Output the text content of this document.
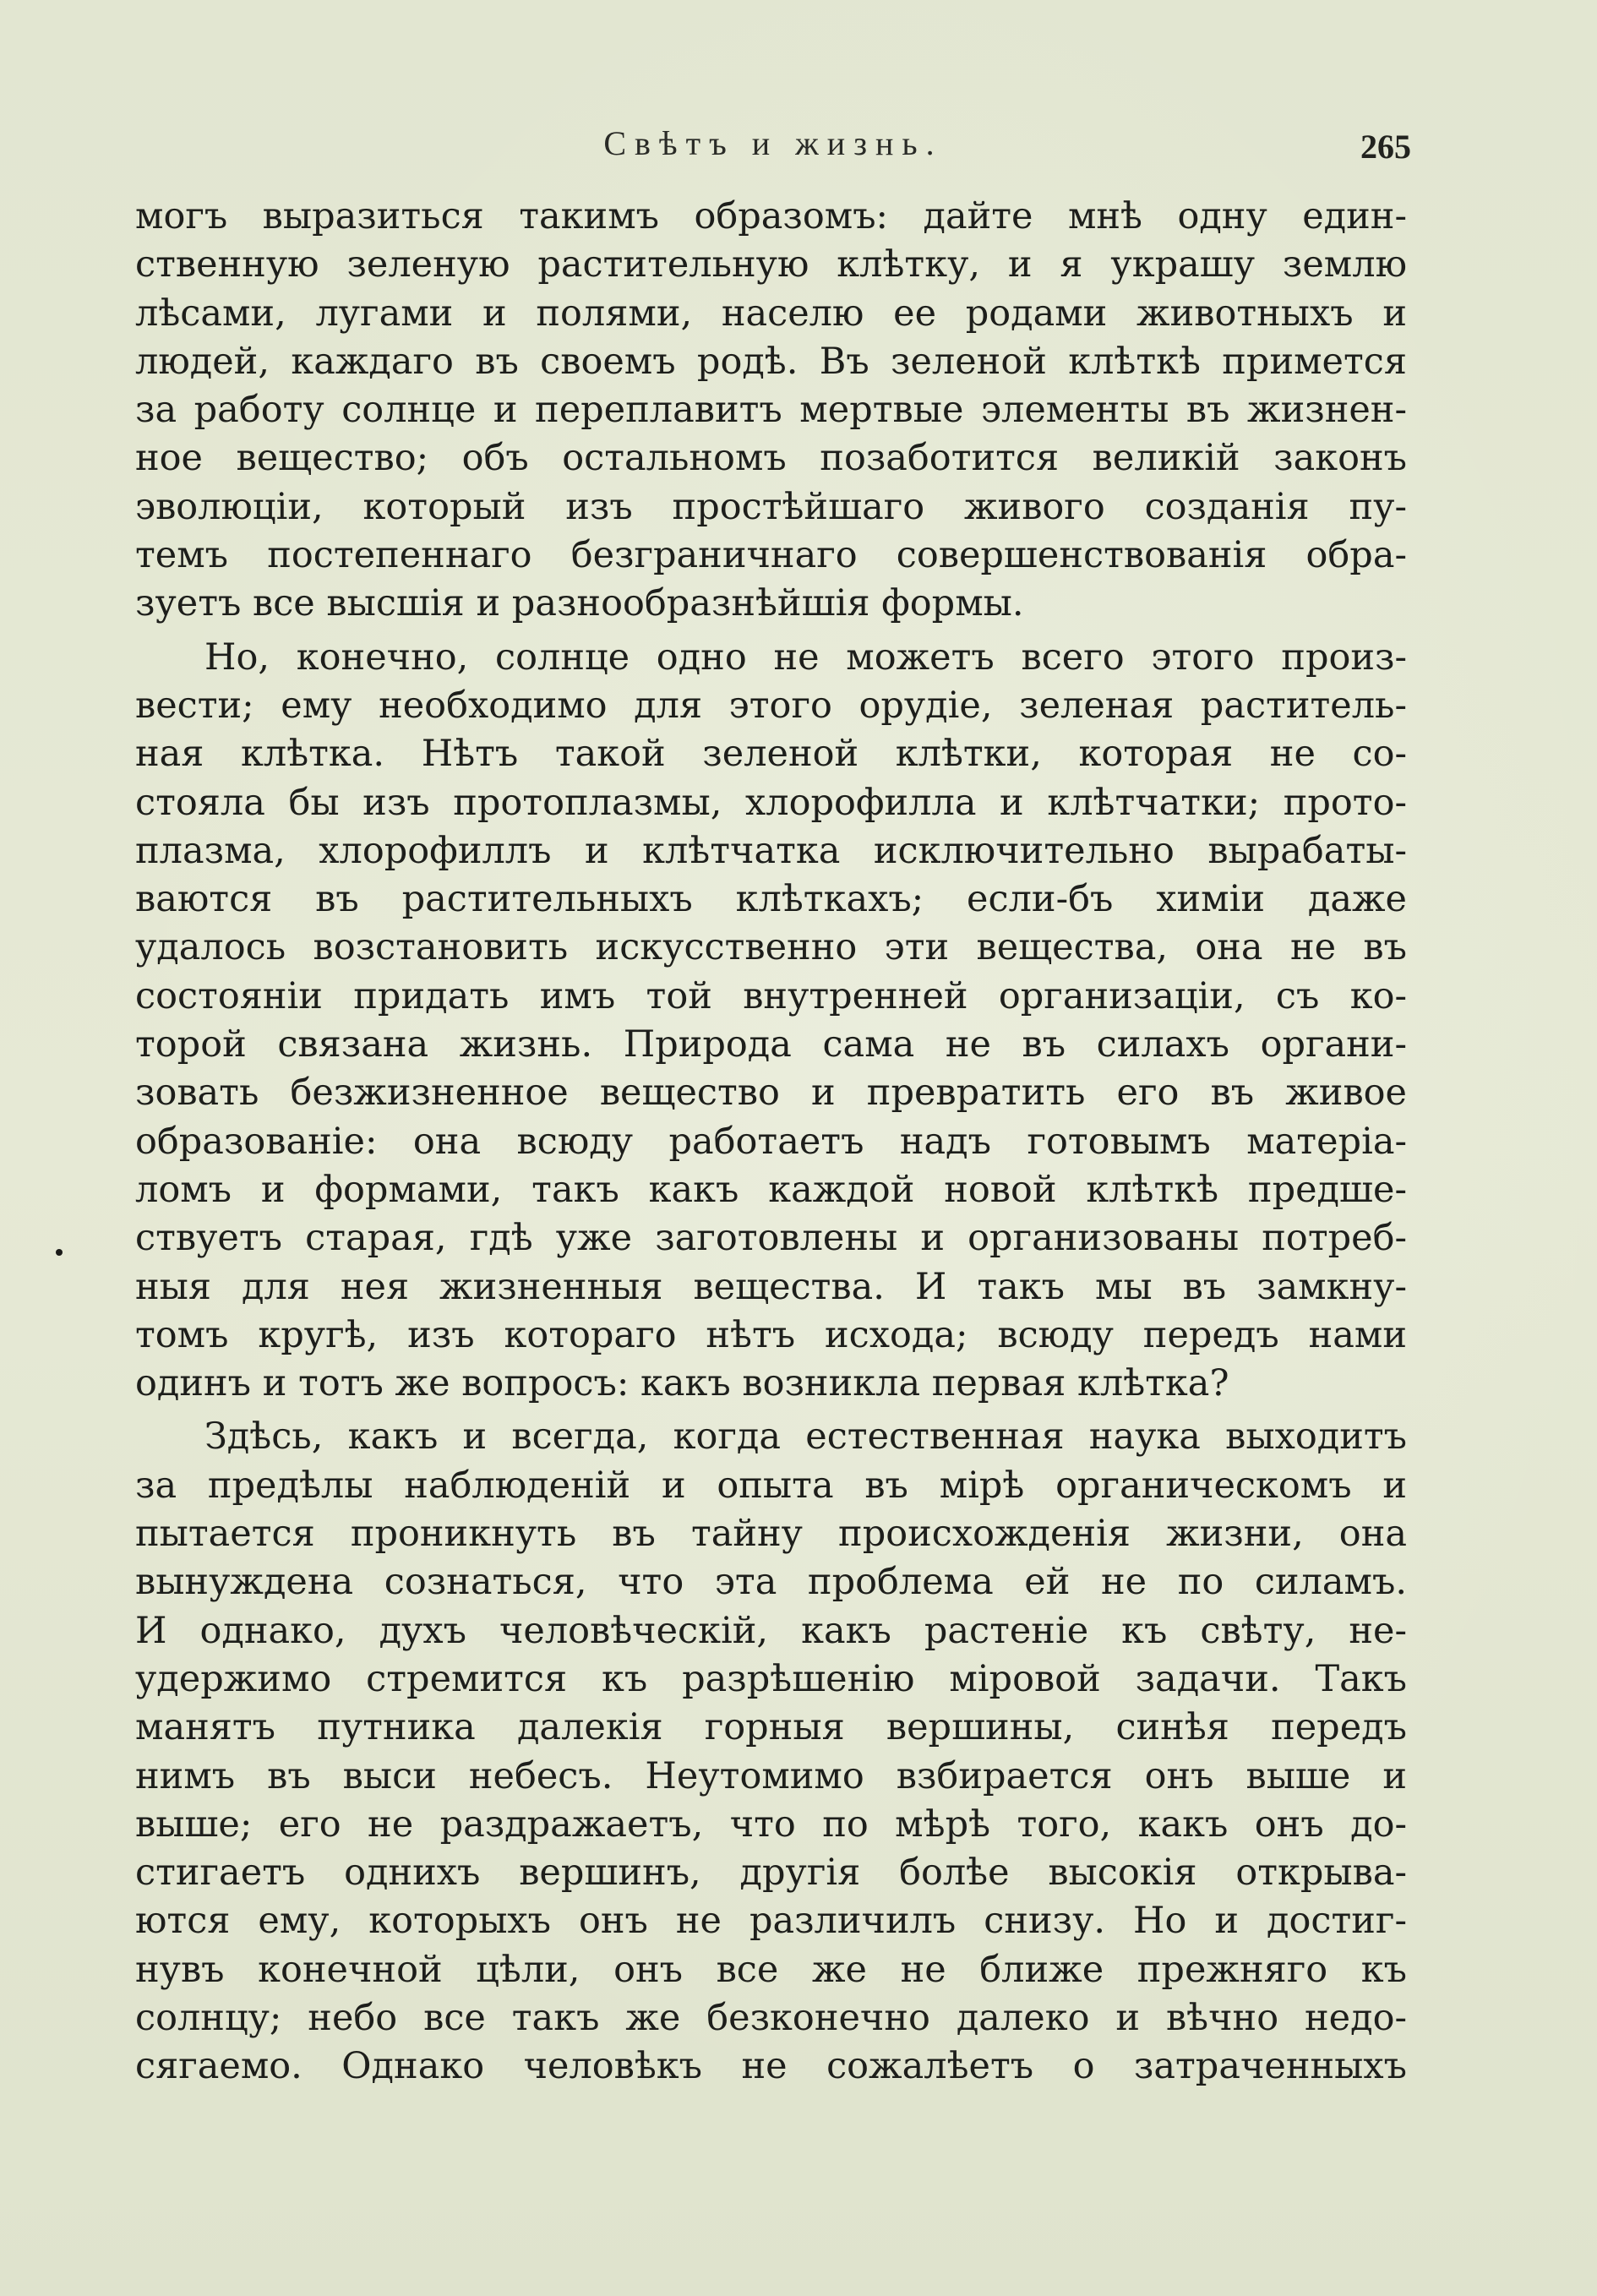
Свѣтъ и жизнь.	265
могъ выразиться такимъ образомъ: дайте мнѣ одну един-
ственную зеленую растительную клѣтку, и я украшу землю
лѣсами, лугами и полями, населю ее родами животныхъ и
людей, каждаго въ своемъ родѣ. Въ зеленой клѣткѣ примется
за работу солнце и переплавитъ мертвые элементы въ жизнен-
ное вещество; объ остальномъ позаботится великій законъ
эволюціи, который изъ простѣйшаго живого созданія пу-
темъ постепеннаго безграничнаго совершенствованія обра-
зуетъ все высшія и разнообразнѣйшія формы.
Но, конечно, солнце одно не можетъ всего этого произ-
вести; ему необходимо для этого орудіе, зеленая раститель-
ная клѣтка. Нѣтъ такой зеленой клѣтки, которая не со-
стояла бы изъ протоплазмы, хлорофилла и клѣтчатки; прото-
плазма, хлорофиллъ и клѣтчатка исключительно вырабаты-
ваются въ растительныхъ клѣткахъ; если-бъ химіи даже
удалось возстановить искусственно эти вещества, она не въ
состояніи придать имъ той внутренней организаціи, съ ко-
торой связана жизнь. Природа сама не въ силахъ органи-
зовать безжизненное вещество и превратить его въ живое
образованіе: она всюду работаетъ надъ готовымъ матеріа-
ломъ и формами, такъ какъ каждой новой клѣткѣ предше-
ствуетъ старая, гдѣ уже заготовлены и организованы потреб-
ныя для нея жизненныя вещества. И такъ мы въ замкну-
томъ кругѣ, изъ котораго нѣтъ исхода; всюду передъ нами
одинъ и тотъ же вопросъ: какъ возникла первая клѣтка?
Здѣсь, какъ и всегда, когда естественная наука выходитъ
за предѣлы наблюденій и опыта въ мірѣ органическомъ и
пытается проникнуть въ тайну происхожденія жизни, она
вынуждена сознаться, что эта проблема ей не по силамъ.
И однако, духъ человѣческій, какъ растеніе къ свѣту, не-
удержимо стремится къ разрѣшенію міровой задачи. Такъ
манятъ путника далекія горныя вершины, синѣя передъ
нимъ въ выси небесъ. Неутомимо взбирается онъ выше и
выше; его не раздражаетъ, что по мѣрѣ того, какъ онъ до-
стигаетъ однихъ вершинъ, другія болѣе высокія открыва-
ются ему, которыхъ онъ не различилъ снизу. Но и достиг-
нувъ конечной цѣли, онъ все же не ближе прежняго къ
солнцу; небо все такъ же безконечно далеко и вѣчно недо-
сягаемо. Однако человѣкъ не сожалѣетъ о затраченныхъ
